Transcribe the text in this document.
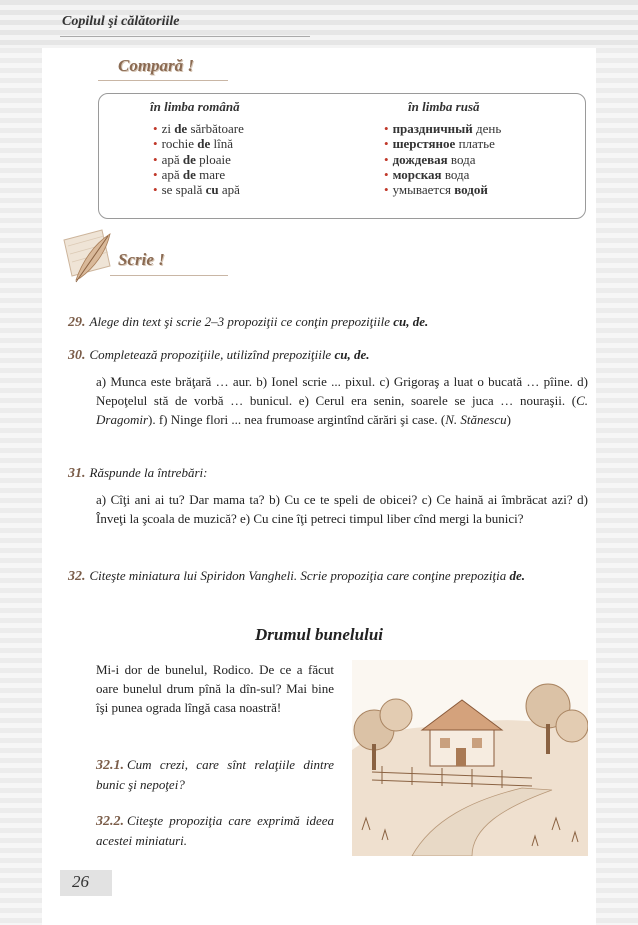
Copilul şi călătoriile
Compară !
în limba română	în limba rusă
• zi de sărbătoare
• rochie de lînă
• apă de ploaie
• apă de mare
• se spală cu apă
• праздничный день
• шерстяное платье
• дождевая вода
• морская вода
• умывается водой
Scrie !
29. Alege din text şi scrie 2–3 propoziţii ce conţin prepoziţiile cu, de.
30. Completează propoziţiile, utilizînd prepoziţiile cu, de.
a) Munca este brăţară … aur. b) Ionel scrie ... pixul. c) Grigoraş a luat o bucată … pîine. d) Nepoţelul stă de vorbă … bunicul. e) Cerul era senin, soarele se juca … nouraşii. (C. Dragomir). f) Ninge flori ... nea frumoase argintînd cărări şi case. (N. Stănescu)
31. Răspunde la întrebări:
a) Cîţi ani ai tu? Dar mama ta? b) Cu ce te speli de obicei? c) Ce haină ai îmbrăcat azi? d) Înveţi la şcoala de muzică? e) Cu cine îţi petreci timpul liber cînd mergi la bunici?
32. Citeşte miniatura lui Spiridon Vangheli. Scrie propoziţia care conţine prepoziţia de.
Drumul bunelului
Mi-i dor de bunelul, Rodico. De ce a făcut oare bunelul drum pînă la dîn-sul? Mai bine îşi punea ograda lîngă casa noastră!
32.1. Cum crezi, care sînt relaţiile dintre bunic şi nepoţei?
32.2. Citeşte propoziţia care exprimă ideea acestei miniaturi.
26
